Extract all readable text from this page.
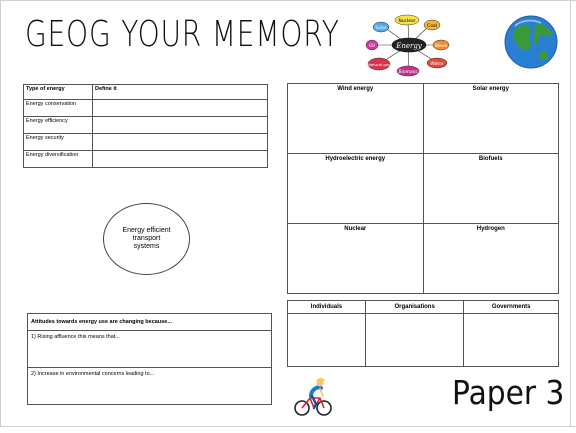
GEOG YOUR MEMORY	Nuclear
Coal
Solar
Oil	Wave
Natural gas
Biomass
Water
Energy
Type of energy	Define it
Energy conservation	
Energy efficiency	
Energy security	
Energy diversification	
Wind energy	Solar energy
Hydroelectric energy	Biofuels
Nuclear	Hydrogen
Energy efficient
transport
systems
Individuals	Organisations	Governments

Attitudes towards energy use are changing because...
1) Rising affluence this means that...
2) Increase in environmental concerns leading to...	Paper 3
